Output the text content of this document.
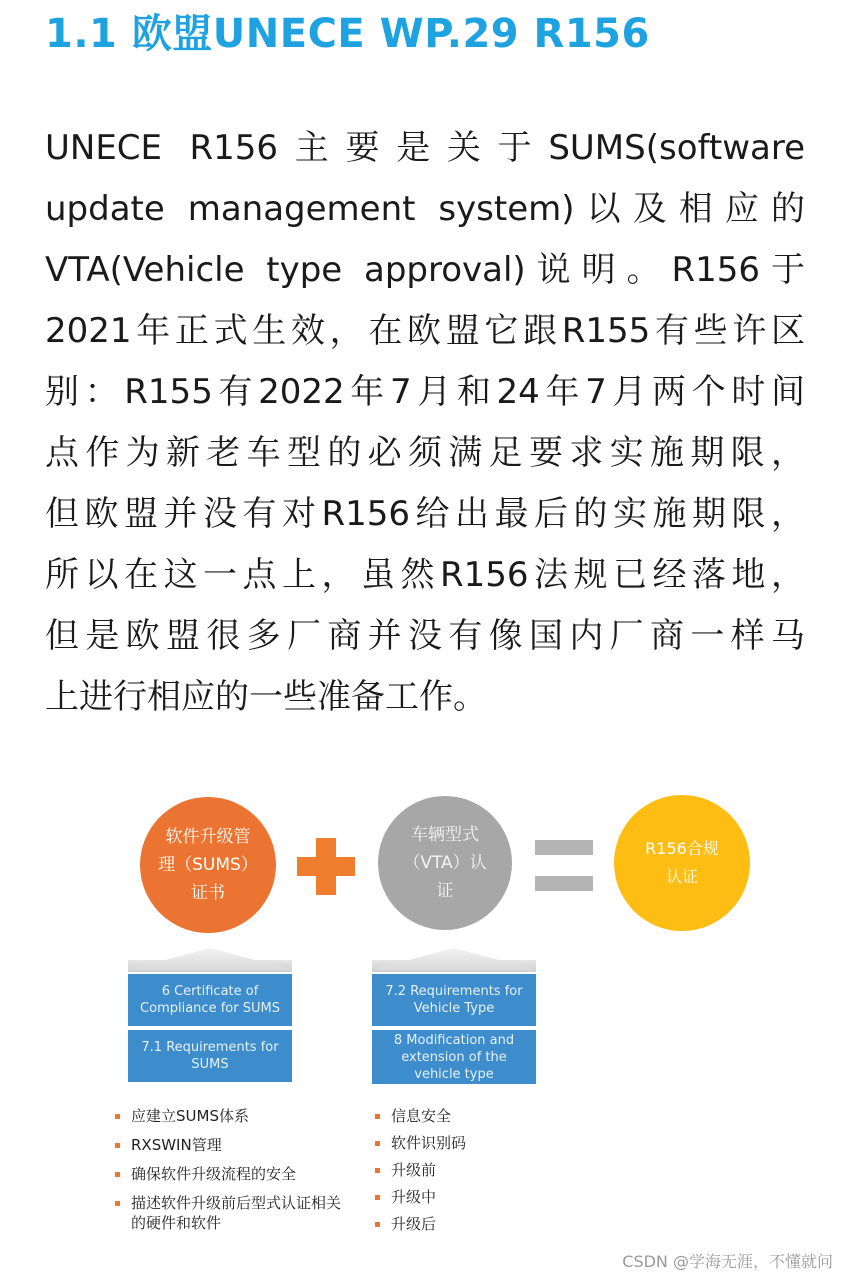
1.1 欧盟UNECE WP.29 R156
UNECE R156主要是关于SUMS(software
update management system)以及相应的
VTA(Vehicle type approval)说明。R156于
2021年正式生效，在欧盟它跟R155有些许区
别：R155有2022年7月和24年7月两个时间
点作为新老车型的必须满足要求实施期限，
但欧盟并没有对R156给出最后的实施期限，
所以在这一点上，虽然R156法规已经落地，
但是欧盟很多厂商并没有像国内厂商一样马
上进行相应的一些准备工作。
软件升级管
理（SUMS）
证书
车辆型式
（VTA）认
证
R156合规
认证
6 Certificate of
Compliance for SUMS
7.1 Requirements for
SUMS
7.2 Requirements for
Vehicle Type
8 Modification and
extension of the
vehicle type
应建立SUMS体系
RXSWIN管理
确保软件升级流程的安全
描述软件升级前后型式认证相关的硬件和软件
信息安全
软件识别码
升级前
升级中
升级后
CSDN @学海无涯，不懂就问
